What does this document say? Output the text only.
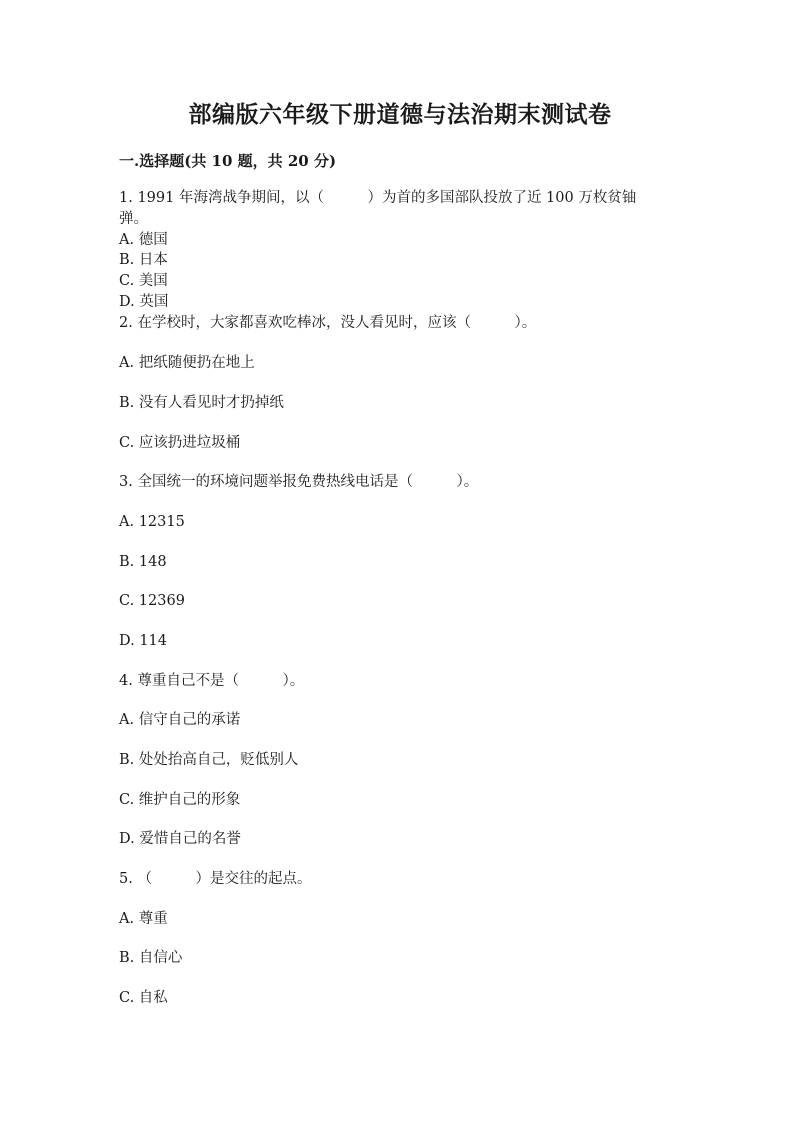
部编版六年级下册道德与法治期末测试卷
一.选择题(共 10 题，共 20 分)
1. 1991 年海湾战争期间，以（　　　）为首的多国部队投放了近 100 万枚贫铀
弹。
A. 德国
B. 日本
C. 美国
D. 英国
2. 在学校时，大家都喜欢吃棒冰，没人看见时，应该（　　　）。
A. 把纸随便扔在地上
B. 没有人看见时才扔掉纸
C. 应该扔进垃圾桶
3. 全国统一的环境问题举报免费热线电话是（　　　）。
A. 12315
B. 148
C. 12369
D. 114
4. 尊重自己不是（　　　）。
A. 信守自己的承诺
B. 处处抬高自己，贬低别人
C. 维护自己的形象
D. 爱惜自己的名誉
5. （　　　）是交往的起点。
A. 尊重
B. 自信心
C. 自私
